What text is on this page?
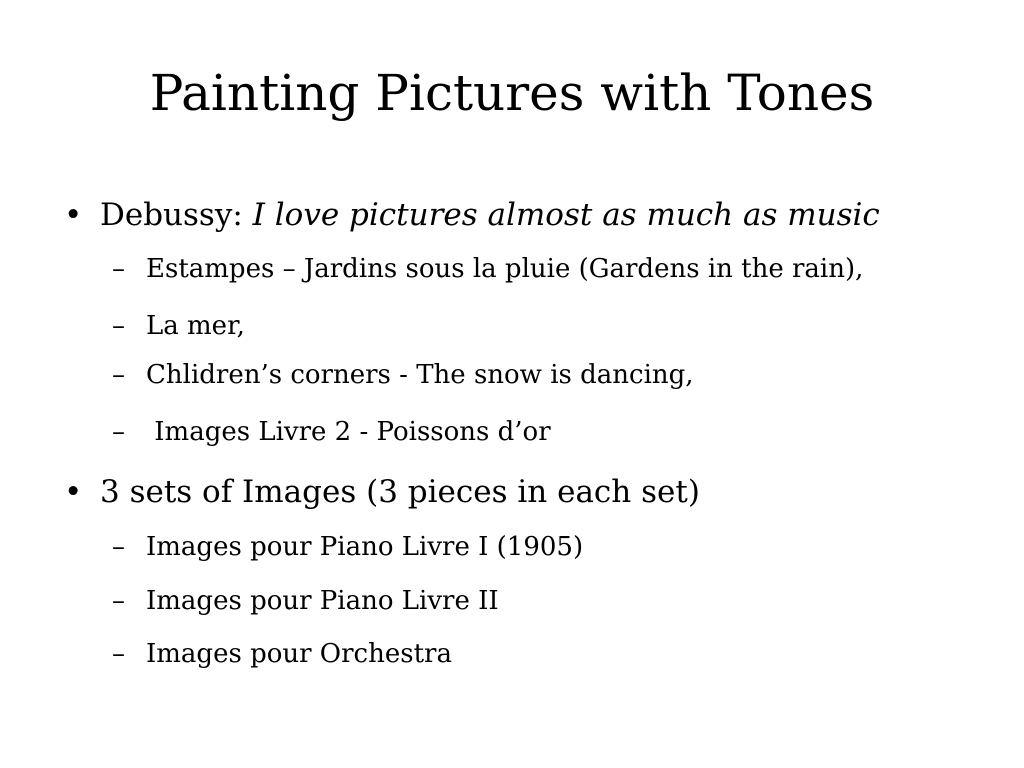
Painting Pictures with Tones
• Debussy: I love pictures almost as much as music
– Estampes – Jardins sous la pluie (Gardens in the rain),
– La mer,
– Chlidren’s corners - The snow is dancing,
– Images Livre 2 - Poissons d’or
• 3 sets of Images (3 pieces in each set)
– Images pour Piano Livre I (1905)
– Images pour Piano Livre II
– Images pour Orchestra
